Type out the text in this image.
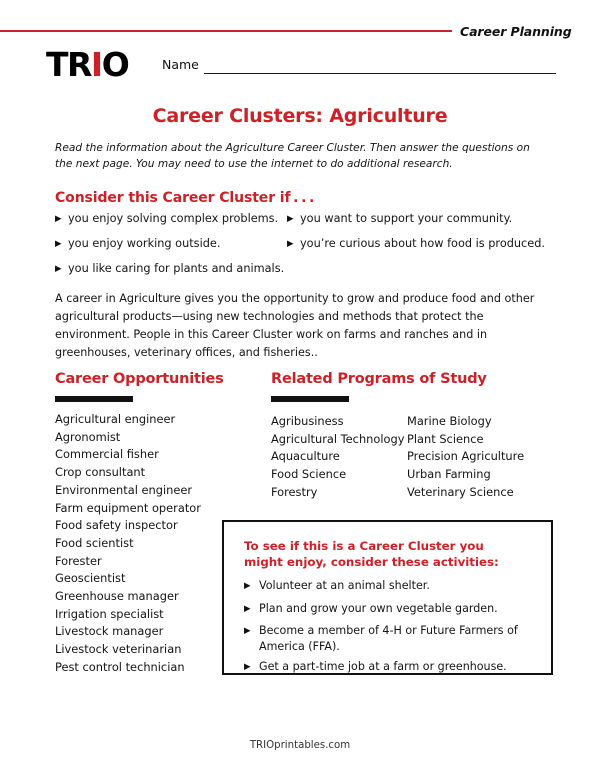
Career Planning
TRIO	Name
Career Clusters: Agriculture
Read the information about the Agriculture Career Cluster. Then answer the questions on the next page. You may need to use the internet to do additional research.
Consider this Career Cluster if . . .
▶ you enjoy solving complex problems.
▶ you enjoy working outside.
▶ you like caring for plants and animals.
▶ you want to support your community.
▶ you’re curious about how food is produced.
A career in Agriculture gives you the opportunity to grow and produce food and other agricultural products—using new technologies and methods that protect the environment. People in this Career Cluster work on farms and ranches and in greenhouses, veterinary offices, and fisheries..
Career Opportunities
Agricultural engineer
Agronomist
Commercial fisher
Crop consultant
Environmental engineer
Farm equipment operator
Food safety inspector
Food scientist
Forester
Geoscientist
Greenhouse manager
Irrigation specialist
Livestock manager
Livestock veterinarian
Pest control technician
Related Programs of Study
Agribusiness
Agricultural Technology
Aquaculture
Food Science
Forestry
Marine Biology
Plant Science
Precision Agriculture
Urban Farming
Veterinary Science
To see if this is a Career Cluster you might enjoy, consider these activities:
▶ Volunteer at an animal shelter.
▶ Plan and grow your own vegetable garden.
▶ Become a member of 4-H or Future Farmers of America (FFA).
▶ Get a part-time job at a farm or greenhouse.
TRIOprintables.com
